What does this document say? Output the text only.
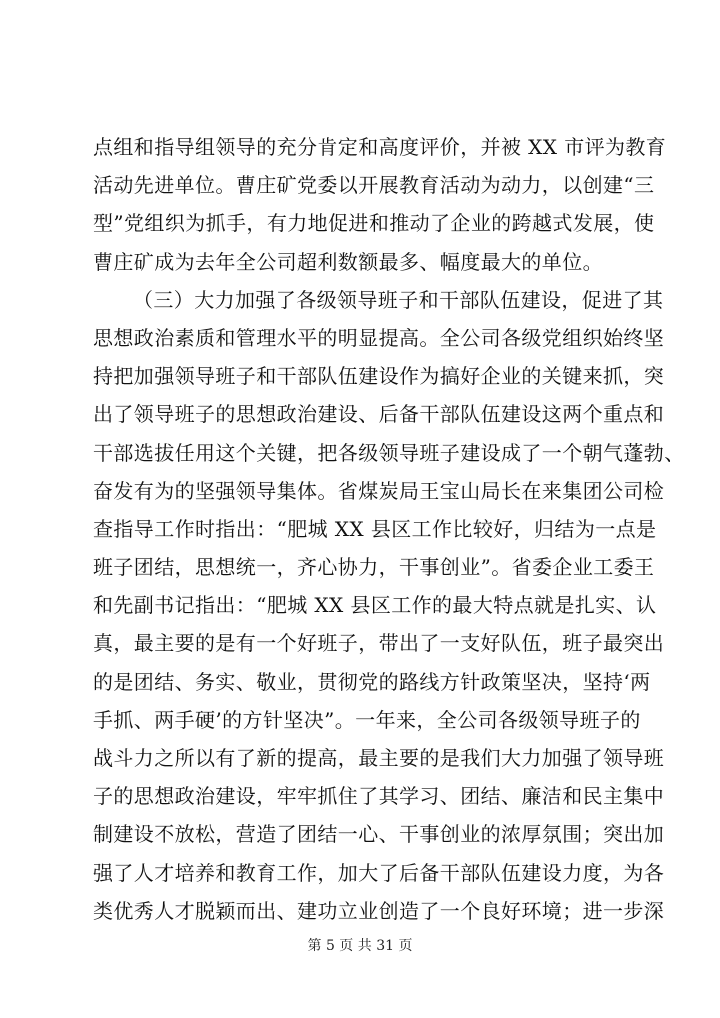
点组和指导组领导的充分肯定和高度评价，并被 XX 市评为教育
活动先进单位。曹庄矿党委以开展教育活动为动力，以创建“三
型”党组织为抓手，有力地促进和推动了企业的跨越式发展，使
曹庄矿成为去年全公司超利数额最多、幅度最大的单位。
（三）大力加强了各级领导班子和干部队伍建设，促进了其
思想政治素质和管理水平的明显提高。全公司各级党组织始终坚
持把加强领导班子和干部队伍建设作为搞好企业的关键来抓，突
出了领导班子的思想政治建设、后备干部队伍建设这两个重点和
干部选拔任用这个关键，把各级领导班子建设成了一个朝气蓬勃、
奋发有为的坚强领导集体。省煤炭局王宝山局长在来集团公司检
查指导工作时指出：“肥城 XX 县区工作比较好，归结为一点是
班子团结，思想统一，齐心协力，干事创业”。省委企业工委王
和先副书记指出：“肥城 XX 县区工作的最大特点就是扎实、认
真，最主要的是有一个好班子，带出了一支好队伍，班子最突出
的是团结、务实、敬业，贯彻党的路线方针政策坚决，坚持‘两
手抓、两手硬’的方针坚决”。一年来，全公司各级领导班子的
战斗力之所以有了新的提高，最主要的是我们大力加强了领导班
子的思想政治建设，牢牢抓住了其学习、团结、廉洁和民主集中
制建设不放松，营造了团结一心、干事创业的浓厚氛围；突出加
强了人才培养和教育工作，加大了后备干部队伍建设力度，为各
类优秀人才脱颖而出、建功立业创造了一个良好环境；进一步深
第 5 页 共 31 页
